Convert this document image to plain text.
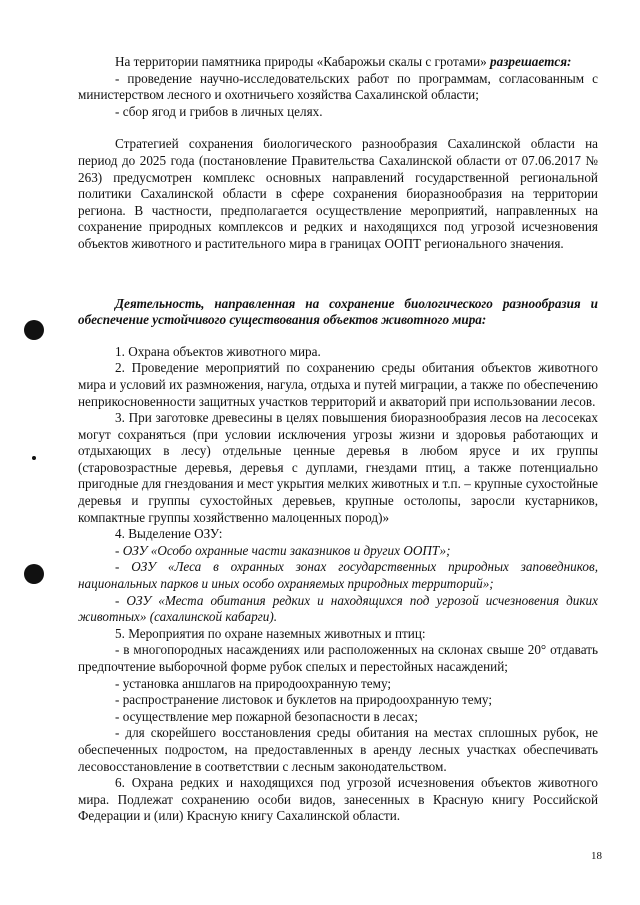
На территории памятника природы «Кабарожьи скалы с гротами» разрешается:

- проведение научно-исследовательских работ по программам, согласованным с министерством лесного и охотничьего хозяйства Сахалинской области;

- сбор ягод и грибов в личных целях.

Стратегией сохранения биологического разнообразия Сахалинской области на период до 2025 года (постановление Правительства Сахалинской области от 07.06.2017 № 263) предусмотрен комплекс основных направлений государственной региональной политики Сахалинской области в сфере сохранения биоразнообразия на территории региона. В частности, предполагается осуществление мероприятий, направленных на сохранение природных комплексов и редких и находящихся под угрозой исчезновения объектов животного и растительного мира в границах ООПТ регионального значения.

Деятельность, направленная на сохранение биологического разнообразия и обеспечение устойчивого существования объектов животного мира:

1. Охрана объектов животного мира.

2. Проведение мероприятий по сохранению среды обитания объектов животного мира и условий их размножения, нагула, отдыха и путей миграции, а также по обеспечению неприкосновенности защитных участков территорий и акваторий при использовании лесов.

3. При заготовке древесины в целях повышения биоразнообразия лесов на лесосеках могут сохраняться (при условии исключения угрозы жизни и здоровья работающих и отдыхающих в лесу) отдельные ценные деревья в любом ярусе и их группы (старовозрастные деревья, деревья с дуплами, гнездами птиц, а также потенциально пригодные для гнездования и мест укрытия мелких животных и т.п. – крупные сухостойные деревья и группы сухостойных деревьев, крупные остолопы, заросли кустарников, компактные группы хозяйственно малоценных пород)»

4. Выделение ОЗУ:

- ОЗУ «Особо охранные части заказников и других ООПТ»;

- ОЗУ «Леса в охранных зонах государственных природных заповедников, национальных парков и иных особо охраняемых природных территорий»;

- ОЗУ «Места обитания редких и находящихся под угрозой исчезновения диких животных» (сахалинской кабарги).

5. Мероприятия по охране наземных животных и птиц:

- в многопородных насаждениях или расположенных на склонах свыше 20° отдавать предпочтение выборочной форме рубок спелых и перестойных насаждений;

- установка аншлагов на природоохранную тему;

- распространение листовок и буклетов на природоохранную тему;

- осуществление мер пожарной безопасности в лесах;

- для скорейшего восстановления среды обитания на местах сплошных рубок, не обеспеченных подростом, на предоставленных в аренду лесных участках обеспечивать лесовосстановление в соответствии с лесным законодательством.

6. Охрана редких и находящихся под угрозой исчезновения объектов животного мира. Подлежат сохранению особи видов, занесенных в Красную книгу Российской Федерации и (или) Красную книгу Сахалинской области.

18
